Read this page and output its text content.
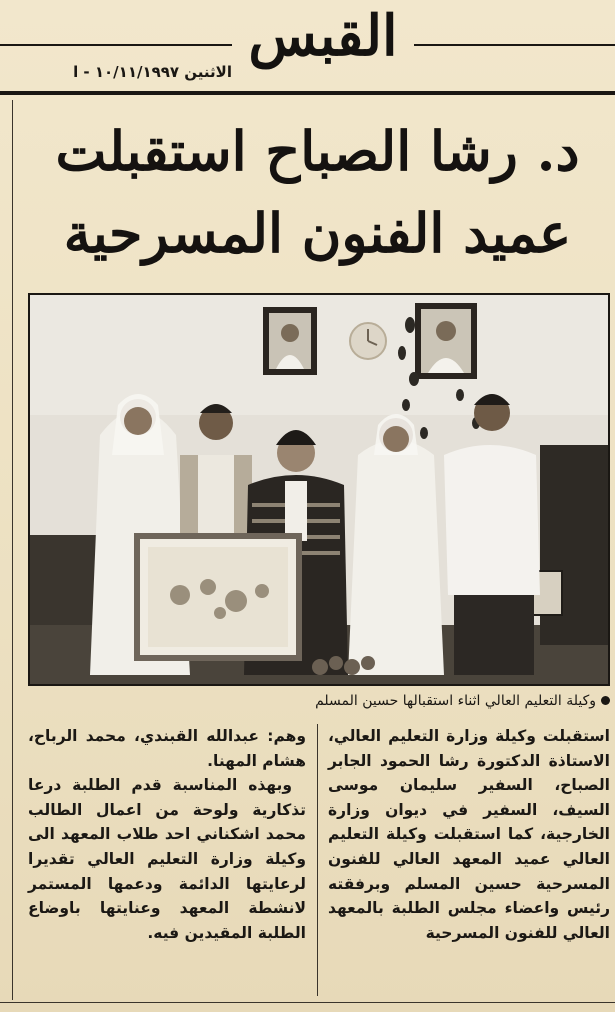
القبس
الاثنين ١٠/١١/١٩٩٧ - ا
د. رشا الصباح استقبلت
عميد الفنون المسرحية
وكيلة التعليم العالي اثناء استقبالها حسين المسلم

استقبلت وكيلة وزارة التعليم العالي، الاستاذة الدكتورة رشا الحمود الجابر الصباح، السفير سليمان موسى السيف، السفير في ديوان وزارة الخارجية، كما استقبلت وكيلة التعليم العالي عميد المعهد العالي للفنون المسرحية حسين المسلم وبرفقته رئيس واعضاء مجلس الطلبة بالمعهد العالي للفنون المسرحية

وهم: عبدالله القبندي، محمد الرباح، هشام المهنا.

وبهذه المناسبة قدم الطلبة درعا تذكارية ولوحة من اعمال الطالب محمد اشكناني احد طلاب المعهد الى وكيلة وزارة التعليم العالي تقديرا لرعايتها الدائمة ودعمها المستمر لانشطة المعهد وعنايتها باوضاع الطلبة المقيدين فيه.
